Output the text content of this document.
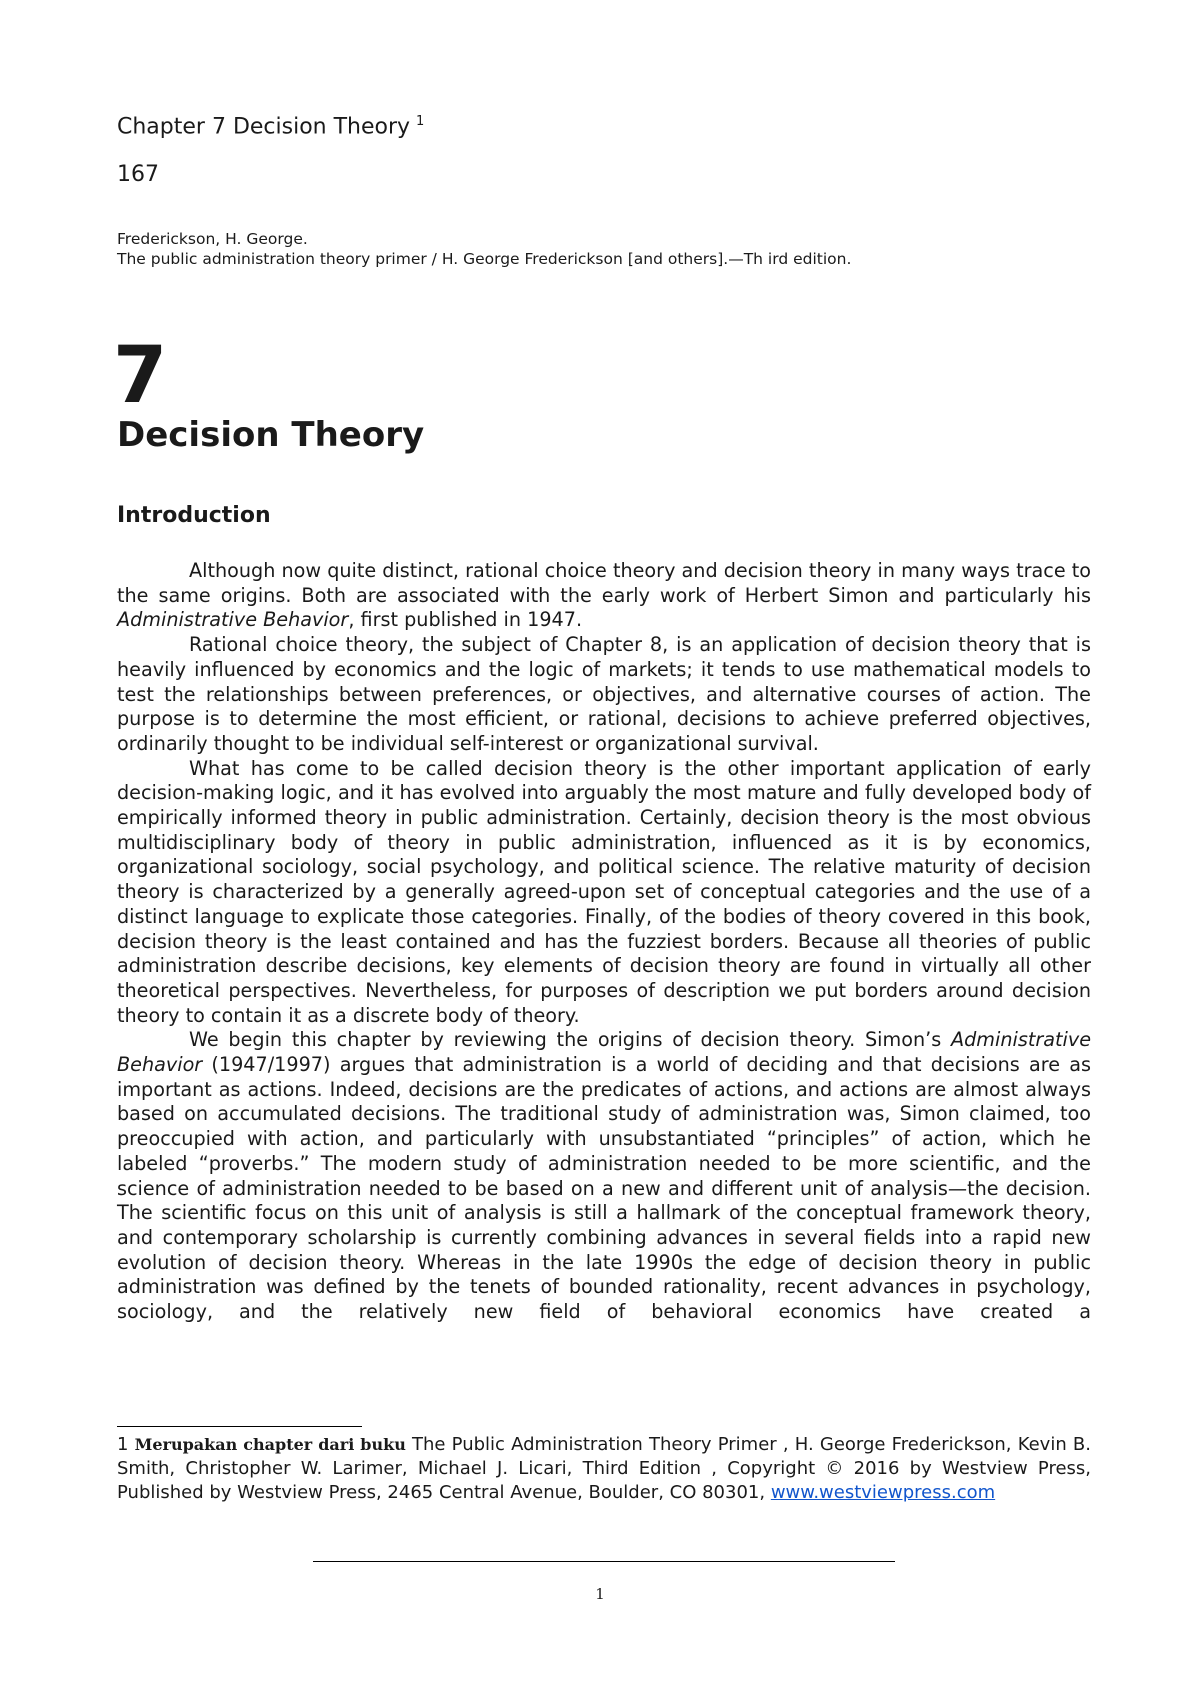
Chapter 7 Decision Theory $^1$
167

Frederickson, H. George.

The public administration theory primer / H. George Frederickson [and others].—Th ird edition.

7
Decision Theory
Introduction

Although now quite distinct, rational choice theory and decision theory in many ways trace to the same origins. Both are associated with the early work of Herbert Simon and particularly his Administrative Behavior, first published in 1947.

Rational choice theory, the subject of Chapter 8, is an application of decision theory that is heavily influenced by economics and the logic of markets; it tends to use mathematical models to test the relationships between preferences, or objectives, and alternative courses of action. The purpose is to determine the most efficient, or rational, decisions to achieve preferred objectives, ordinarily thought to be individual self-interest or organizational survival.

What has come to be called decision theory is the other important application of early decision-making logic, and it has evolved into arguably the most mature and fully developed body of empirically informed theory in public administration. Certainly, decision theory is the most obvious multidisciplinary body of theory in public administration, influenced as it is by economics, organizational sociology, social psychology, and political science. The relative maturity of decision theory is characterized by a generally agreed-upon set of conceptual categories and the use of a distinct language to explicate those categories. Finally, of the bodies of theory covered in this book, decision theory is the least contained and has the fuzziest borders. Because all theories of public administration describe decisions, key elements of decision theory are found in virtually all other theoretical perspectives. Nevertheless, for purposes of description we put borders around decision theory to contain it as a discrete body of theory.

We begin this chapter by reviewing the origins of decision theory. Simon’s Administrative Behavior (1947/1997) argues that administration is a world of deciding and that decisions are as important as actions. Indeed, decisions are the predicates of actions, and actions are almost always based on accumulated decisions. The traditional study of administration was, Simon claimed, too preoccupied with action, and particularly with unsubstantiated “principles” of action, which he labeled “proverbs.” The modern study of administration needed to be more scientific, and the science of administration needed to be based on a new and different unit of analysis—the decision. The scientific focus on this unit of analysis is still a hallmark of the conceptual framework theory, and contemporary scholarship is currently combining advances in several fields into a rapid new evolution of decision theory. Whereas in the late 1990s the edge of decision theory in public administration was defined by the tenets of bounded rationality, recent advances in psychology, sociology, and the relatively new field of behavioral economics have created a

1 Merupakan chapter dari buku The Public Administration Theory Primer , H. George Frederickson, Kevin B. Smith, Christopher W. Larimer, Michael J. Licari, Third Edition , Copyright © 2016 by Westview Press, Published by Westview Press, 2465 Central Avenue, Boulder, CO 80301, www.westviewpress.com
1
